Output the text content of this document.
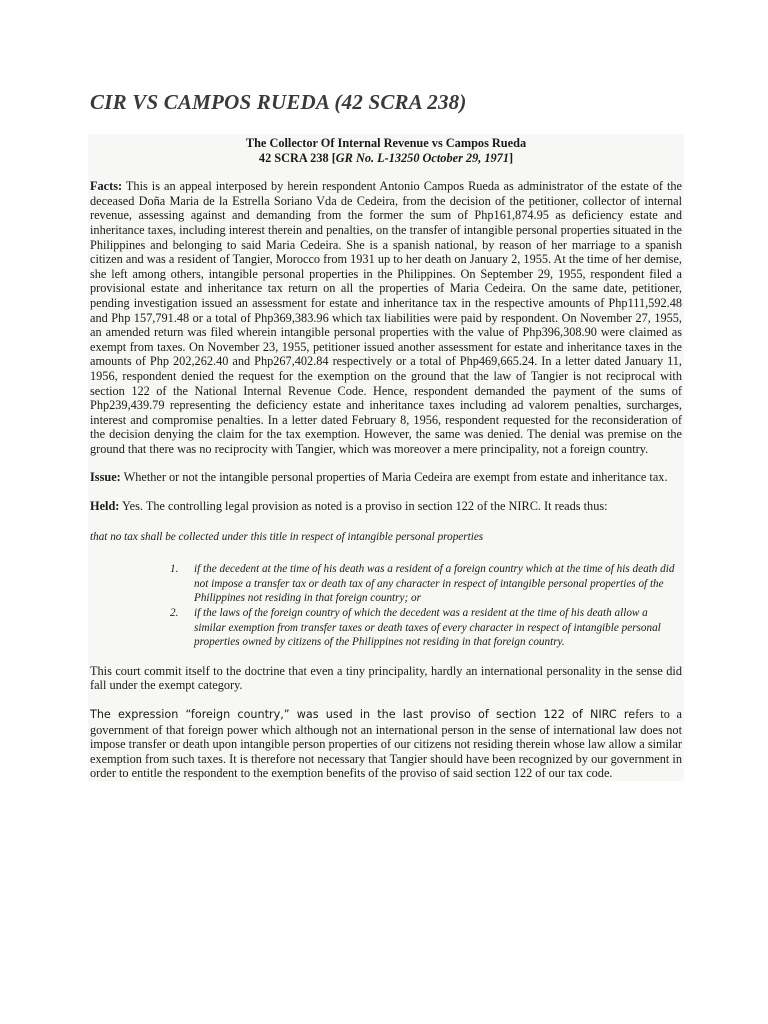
CIR VS CAMPOS RUEDA (42 SCRA 238)
The Collector Of Internal Revenue vs Campos Rueda
42 SCRA 238 [GR No. L-13250 October 29, 1971]
Facts: This is an appeal interposed by herein respondent Antonio Campos Rueda as administrator of the estate of the deceased Doña Maria de la Estrella Soriano Vda de Cedeira, from the decision of the petitioner, collector of internal revenue, assessing against and demanding from the former the sum of Php161,874.95 as deficiency estate and inheritance taxes, including interest therein and penalties, on the transfer of intangible personal properties situated in the Philippines and belonging to said Maria Cedeira. She is a spanish national, by reason of her marriage to a spanish citizen and was a resident of Tangier, Morocco from 1931 up to her death on January 2, 1955. At the time of her demise, she left among others, intangible personal properties in the Philippines. On September 29, 1955, respondent filed a provisional estate and inheritance tax return on all the properties of Maria Cedeira. On the same date, petitioner, pending investigation issued an assessment for estate and inheritance tax in the respective amounts of Php111,592.48 and Php 157,791.48 or a total of Php369,383.96 which tax liabilities were paid by respondent. On November 27, 1955, an amended return was filed wherein intangible personal properties with the value of Php396,308.90 were claimed as exempt from taxes. On November 23, 1955, petitioner issued another assessment for estate and inheritance taxes in the amounts of Php 202,262.40 and Php267,402.84 respectively or a total of Php469,665.24. In a letter dated January 11, 1956, respondent denied the request for the exemption on the ground that the law of Tangier is not reciprocal with section 122 of the National Internal Revenue Code. Hence, respondent demanded the payment of the sums of Php239,439.79 representing the deficiency estate and inheritance taxes including ad valorem penalties, surcharges, interest and compromise penalties. In a letter dated February 8, 1956, respondent requested for the reconsideration of the decision denying the claim for the tax exemption. However, the same was denied. The denial was premise on the ground that there was no reciprocity with Tangier, which was moreover a mere principality, not a foreign country.
Issue: Whether or not the intangible personal properties of Maria Cedeira are exempt from estate and inheritance tax.
Held: Yes. The controlling legal provision as noted is a proviso in section 122 of the NIRC. It reads thus:
that no tax shall be collected under this title in respect of intangible personal properties
1. if the decedent at the time of his death was a resident of a foreign country which at the time of his death did not impose a transfer tax or death tax of any character in respect of intangible personal properties of the Philippines not residing in that foreign country; or
2. if the laws of the foreign country of which the decedent was a resident at the time of his death allow a similar exemption from transfer taxes or death taxes of every character in respect of intangible personal properties owned by citizens of the Philippines not residing in that foreign country.
This court commit itself to the doctrine that even a tiny principality, hardly an international personality in the sense did fall under the exempt category.
The expression “foreign country,” was used in the last proviso of section 122 of NIRC refers to a government of that foreign power which although not an international person in the sense of international law does not impose transfer or death upon intangible person properties of our citizens not residing therein whose law allow a similar exemption from such taxes. It is therefore not necessary that Tangier should have been recognized by our government in order to entitle the respondent to the exemption benefits of the proviso of said section 122 of our tax code.
